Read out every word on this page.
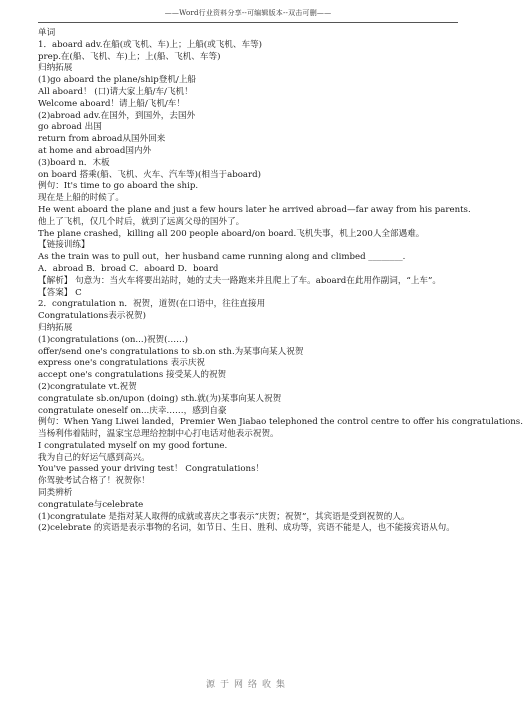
——Word行业资料分享--可编辑版本--双击可删——
单词
1．aboard adv.在船(或飞机、车)上；上船(或飞机、车等)
prep.在(船、飞机、车)上；上(船、飞机、车等)
归纳拓展
(1)go aboard the plane/ship登机/上船
All aboard！ (口)请大家上船/车/飞机！
Welcome aboard！请上船/飞机/车！
(2)abroad adv.在国外，到国外，去国外
go abroad 出国
return from abroad从国外回来
at home and abroad国内外
(3)board n．木板
on board 搭乘(船、飞机、火车、汽车等)(相当于aboard)
例句：It's time to go aboard the ship.
现在是上船的时候了。
He went aboard the plane and just a few hours later he arrived abroad—far away from his parents.
他上了飞机，仅几个时后，就到了远离父母的国外了。
The plane crashed，killing all 200 people aboard/on board.飞机失事，机上200人全部遇难。
【链接训练】
As the train was to pull out，her husband came running along and climbed ________.
A．abroad B．broad C．aboard D．board
【解析】 句意为：当火车将要出站时，她的丈夫一路跑来并且爬上了车。aboard在此用作副词，“上车”。
【答案】 C
2．congratulation n．祝贺，道贺(在口语中，往往直接用
Congratulations表示祝贺)
归纳拓展
(1)congratulations (on...)祝贺(……)
offer/send one's congratulations to sb.on sth.为某事向某人祝贺
express one's congratulations 表示庆祝
accept one's congratulations 接受某人的祝贺
(2)congratulate vt.祝贺
congratulate sb.on/upon (doing) sth.就(为)某事向某人祝贺
congratulate oneself on...庆幸……，感到自豪
例句：When Yang Liwei landed，Premier Wen Jiabao telephoned the control centre to offer his congratulations.
当杨利伟着陆时，温家宝总理给控制中心打电话对他表示祝贺。
I congratulated myself on my good fortune.
我为自己的好运气感到高兴。
You've passed your driving test！ Congratulations！
你驾驶考试合格了！祝贺你！
同类辨析
congratulate与celebrate
(1)congratulate 是指对某人取得的成就或喜庆之事表示“庆贺；祝贺”，其宾语是受到祝贺的人。
(2)celebrate 的宾语是表示事物的名词，如节日、生日、胜利、成功等，宾语不能是人，也不能接宾语从句。
源于网络收集
